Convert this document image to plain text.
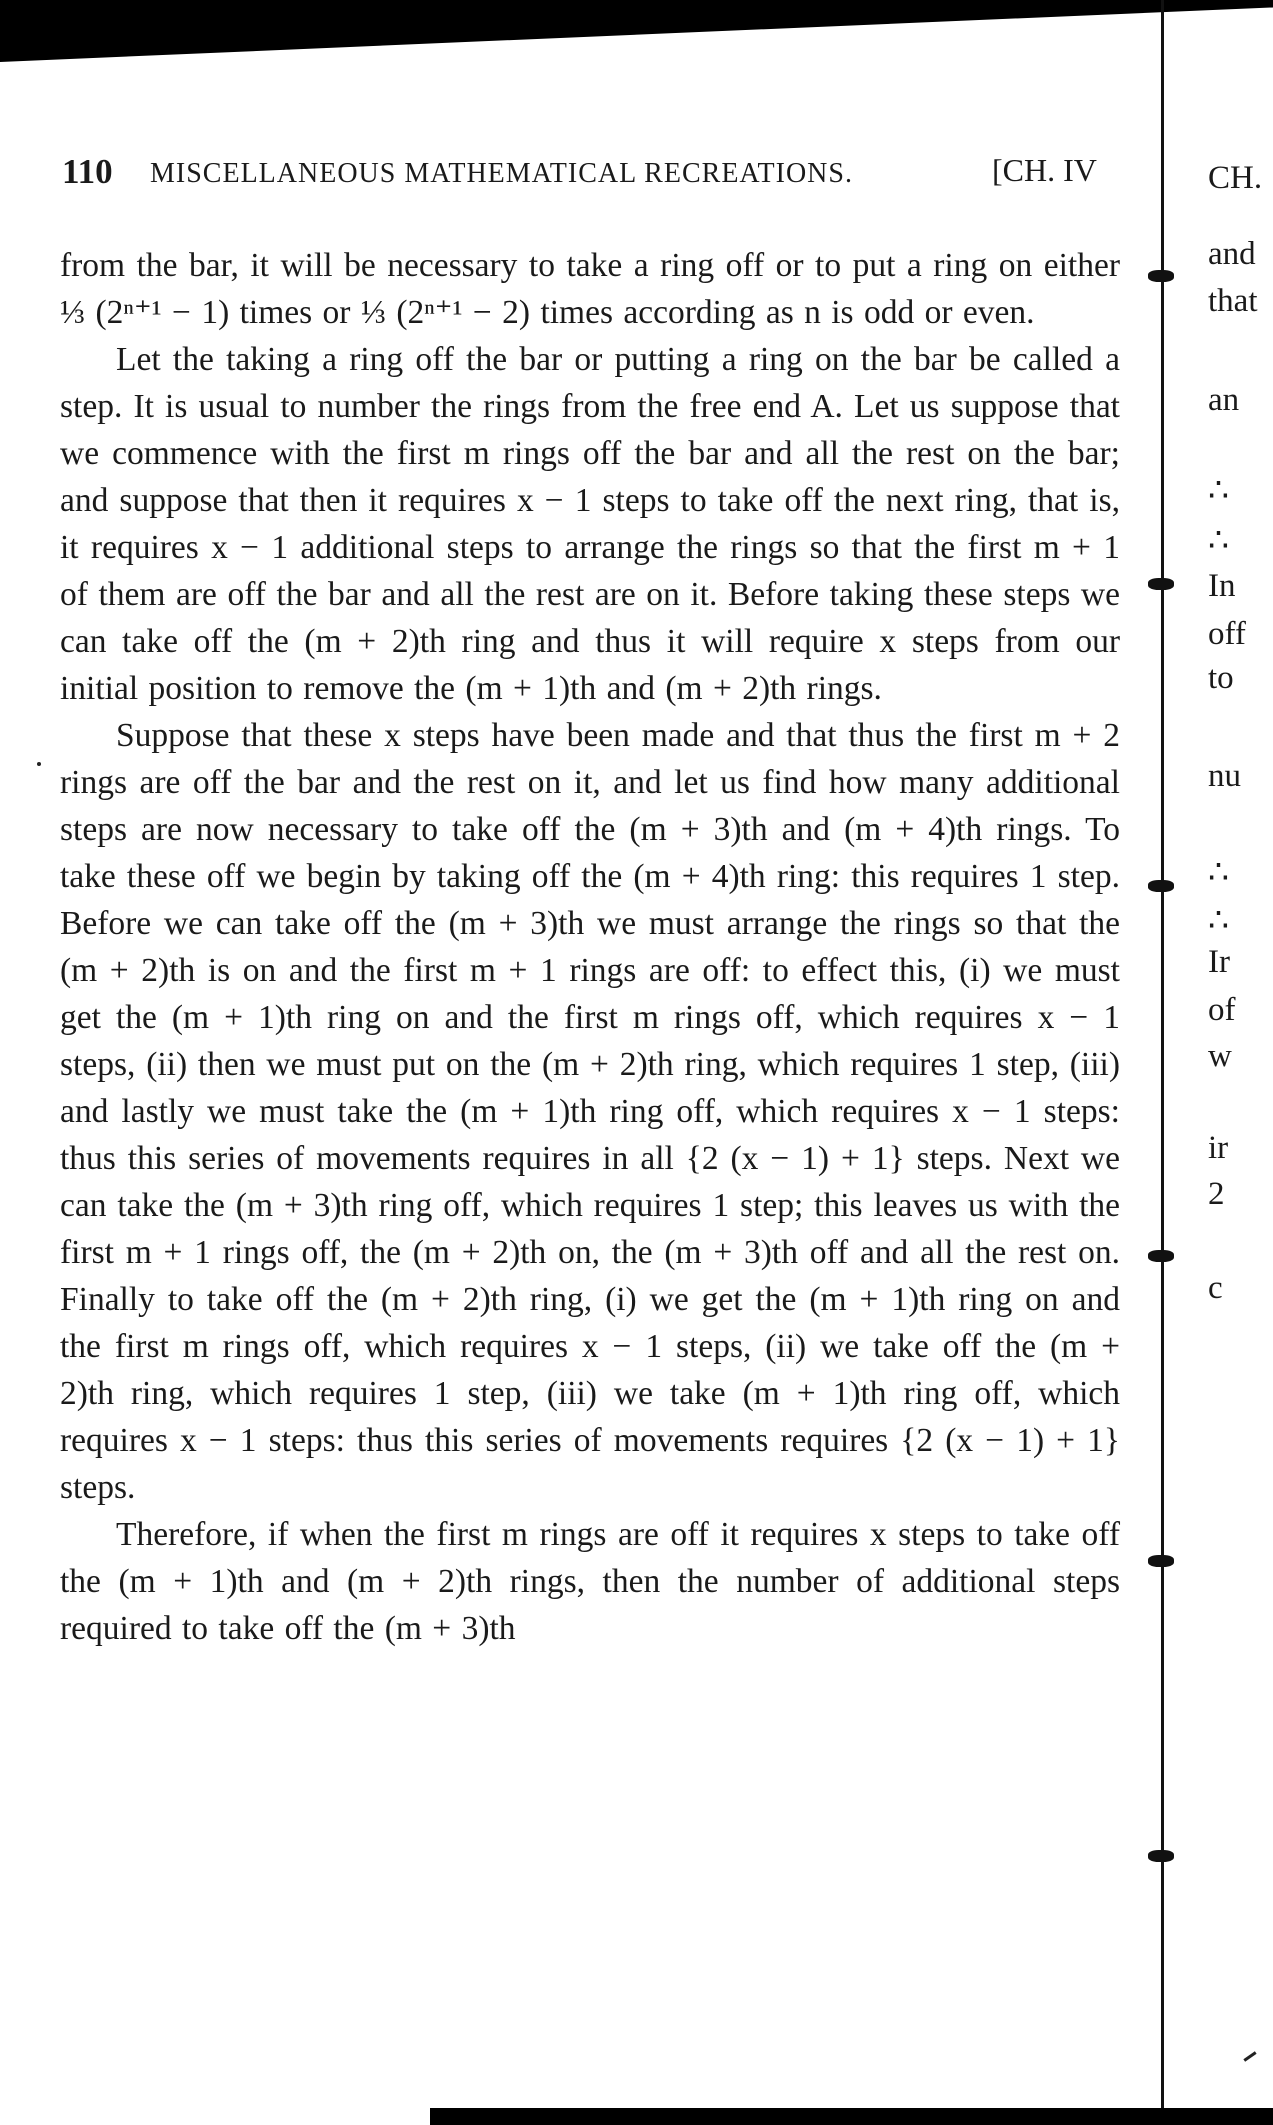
110 MISCELLANEOUS MATHEMATICAL RECREATIONS.	[CH. IV

from the bar, it will be necessary to take a ring off or to put a ring on either ⅓ (2ⁿ⁺¹ − 1) times or ⅓ (2ⁿ⁺¹ − 2) times according as n is odd or even.

Let the taking a ring off the bar or putting a ring on the bar be called a step. It is usual to number the rings from the free end A. Let us suppose that we commence with the first m rings off the bar and all the rest on the bar; and suppose that then it requires x − 1 steps to take off the next ring, that is, it requires x − 1 additional steps to arrange the rings so that the first m + 1 of them are off the bar and all the rest are on it. Before taking these steps we can take off the (m + 2)th ring and thus it will require x steps from our initial position to remove the (m + 1)th and (m + 2)th rings.

Suppose that these x steps have been made and that thus the first m + 2 rings are off the bar and the rest on it, and let us find how many additional steps are now necessary to take off the (m + 3)th and (m + 4)th rings. To take these off we begin by taking off the (m + 4)th ring: this requires 1 step. Before we can take off the (m + 3)th we must arrange the rings so that the (m + 2)th is on and the first m + 1 rings are off: to effect this, (i) we must get the (m + 1)th ring on and the first m rings off, which requires x − 1 steps, (ii) then we must put on the (m + 2)th ring, which requires 1 step, (iii) and lastly we must take the (m + 1)th ring off, which requires x − 1 steps: thus this series of movements requires in all {2 (x − 1) + 1} steps. Next we can take the (m + 3)th ring off, which requires 1 step; this leaves us with the first m + 1 rings off, the (m + 2)th on, the (m + 3)th off and all the rest on. Finally to take off the (m + 2)th ring, (i) we get the (m + 1)th ring on and the first m rings off, which requires x − 1 steps, (ii) we take off the (m + 2)th ring, which requires 1 step, (iii) we take (m + 1)th ring off, which requires x − 1 steps: thus this series of movements requires {2 (x − 1) + 1} steps.

Therefore, if when the first m rings are off it requires x steps to take off the (m + 1)th and (m + 2)th rings, then the number of additional steps required to take off the (m + 3)th

CH.
and
that
an
∴
∴
In
off
to
nu
∴
∴
Ir
of
w
ir
2
c
